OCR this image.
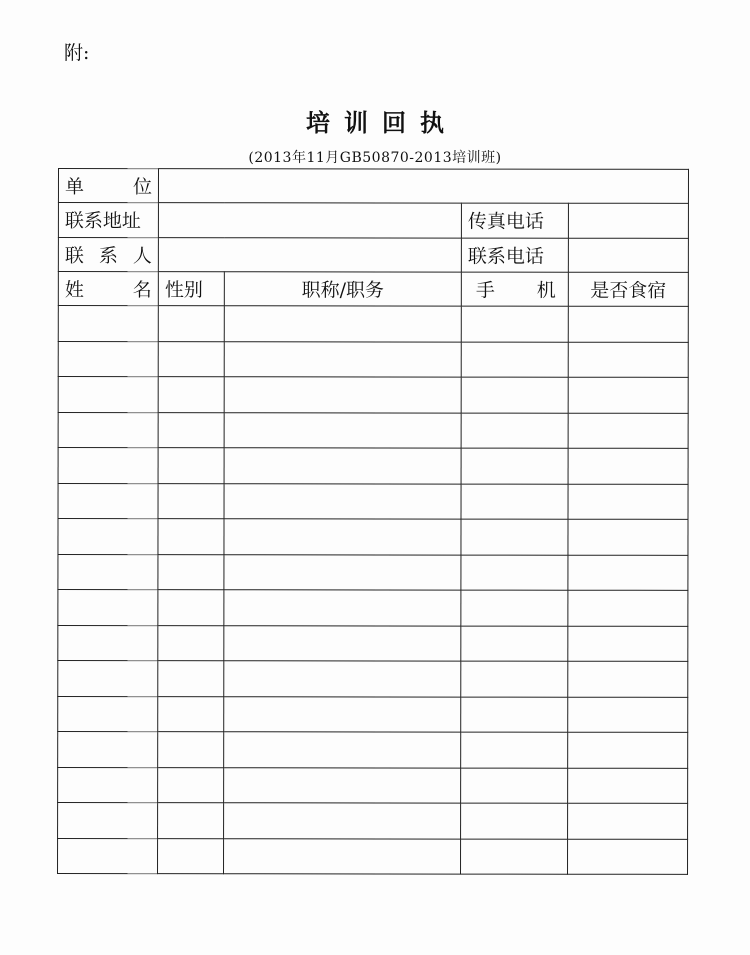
附:
培训回执
(2013年11月GB50870-2013培训班)
单 位				

联系地址			传真电话	

联 系 人			联系电话	

姓 名	性别	职称/职务	手 机	是否食宿
